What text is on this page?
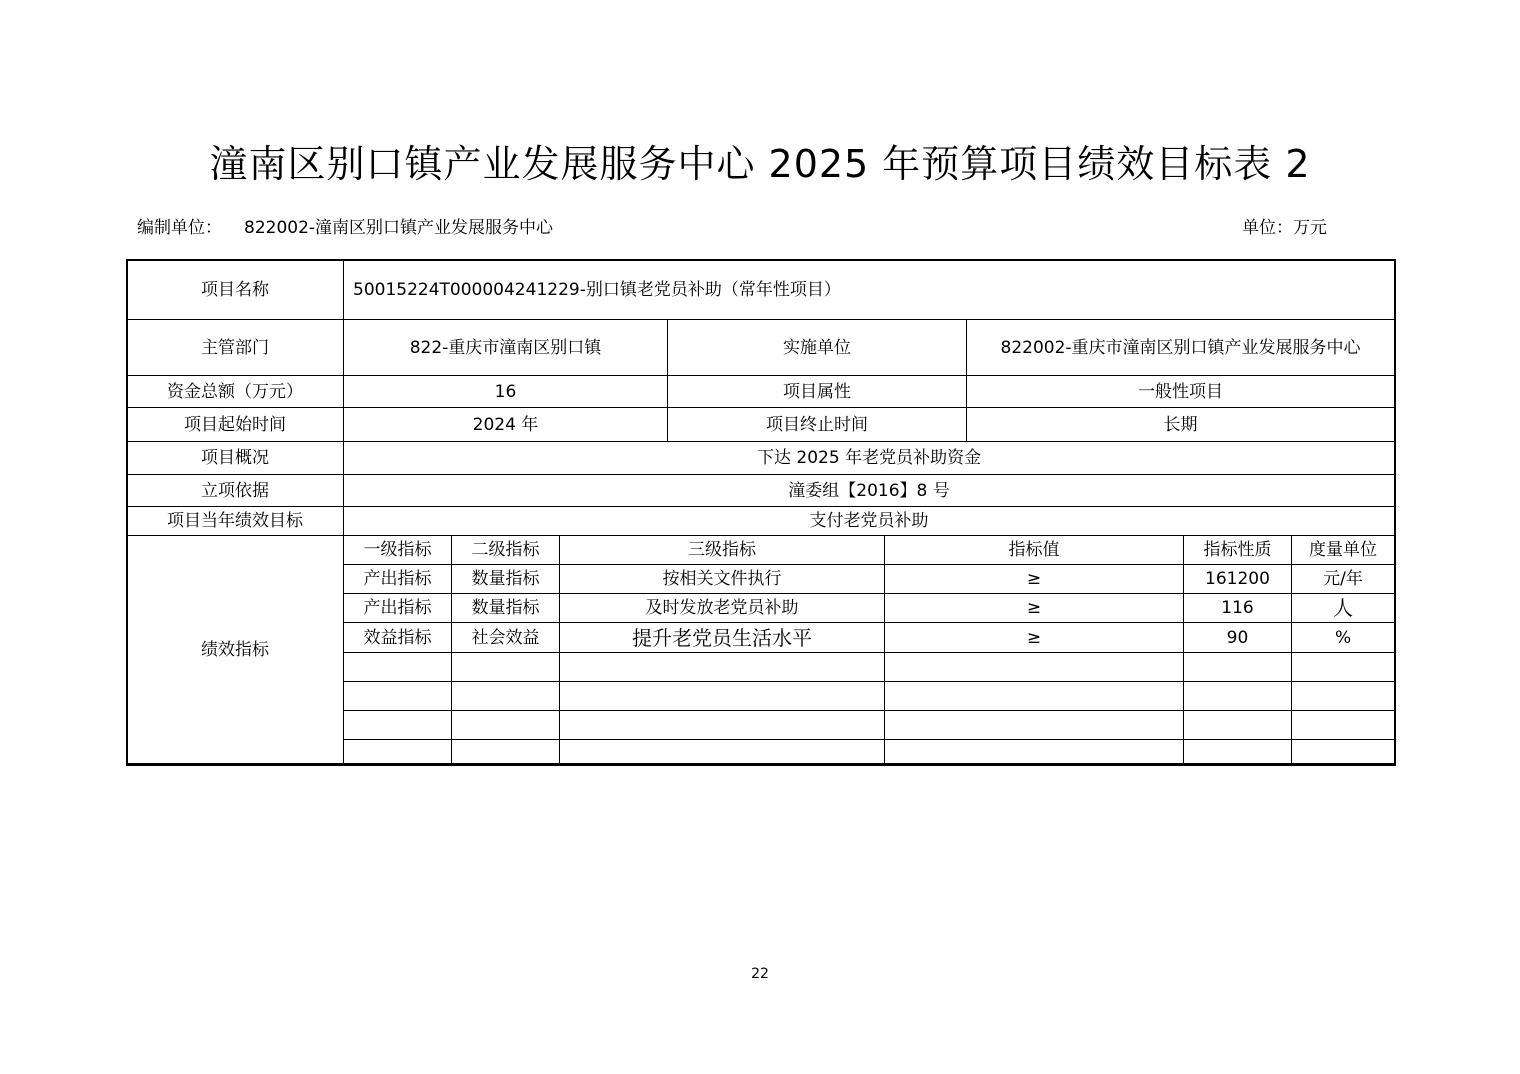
潼南区别口镇产业发展服务中心 2025 年预算项目绩效目标表 2
编制单位： 822002-潼南区别口镇产业发展服务中心	单位：万元
项目名称	50015224T000004241229-别口镇老党员补助（常年性项目）							
主管部门	822-重庆市潼南区别口镇			实施单位		822002-重庆市潼南区别口镇产业发展服务中心		
资金总额（万元）	16			项目属性		一般性项目		
项目起始时间	2024 年			项目终止时间		长期		
项目概况	下达 2025 年老党员补助资金							
立项依据	潼委组【2016】8 号							
项目当年绩效目标	支付老党员补助							
绩效指标	一级指标	二级指标	三级指标		指标值		指标性质	度量单位
	产出指标	数量指标	按相关文件执行		≥		161200	元/年
	产出指标	数量指标	及时发放老党员补助		≥		116	人
	效益指标	社会效益	提升老党员生活水平		≥		90	%

22
